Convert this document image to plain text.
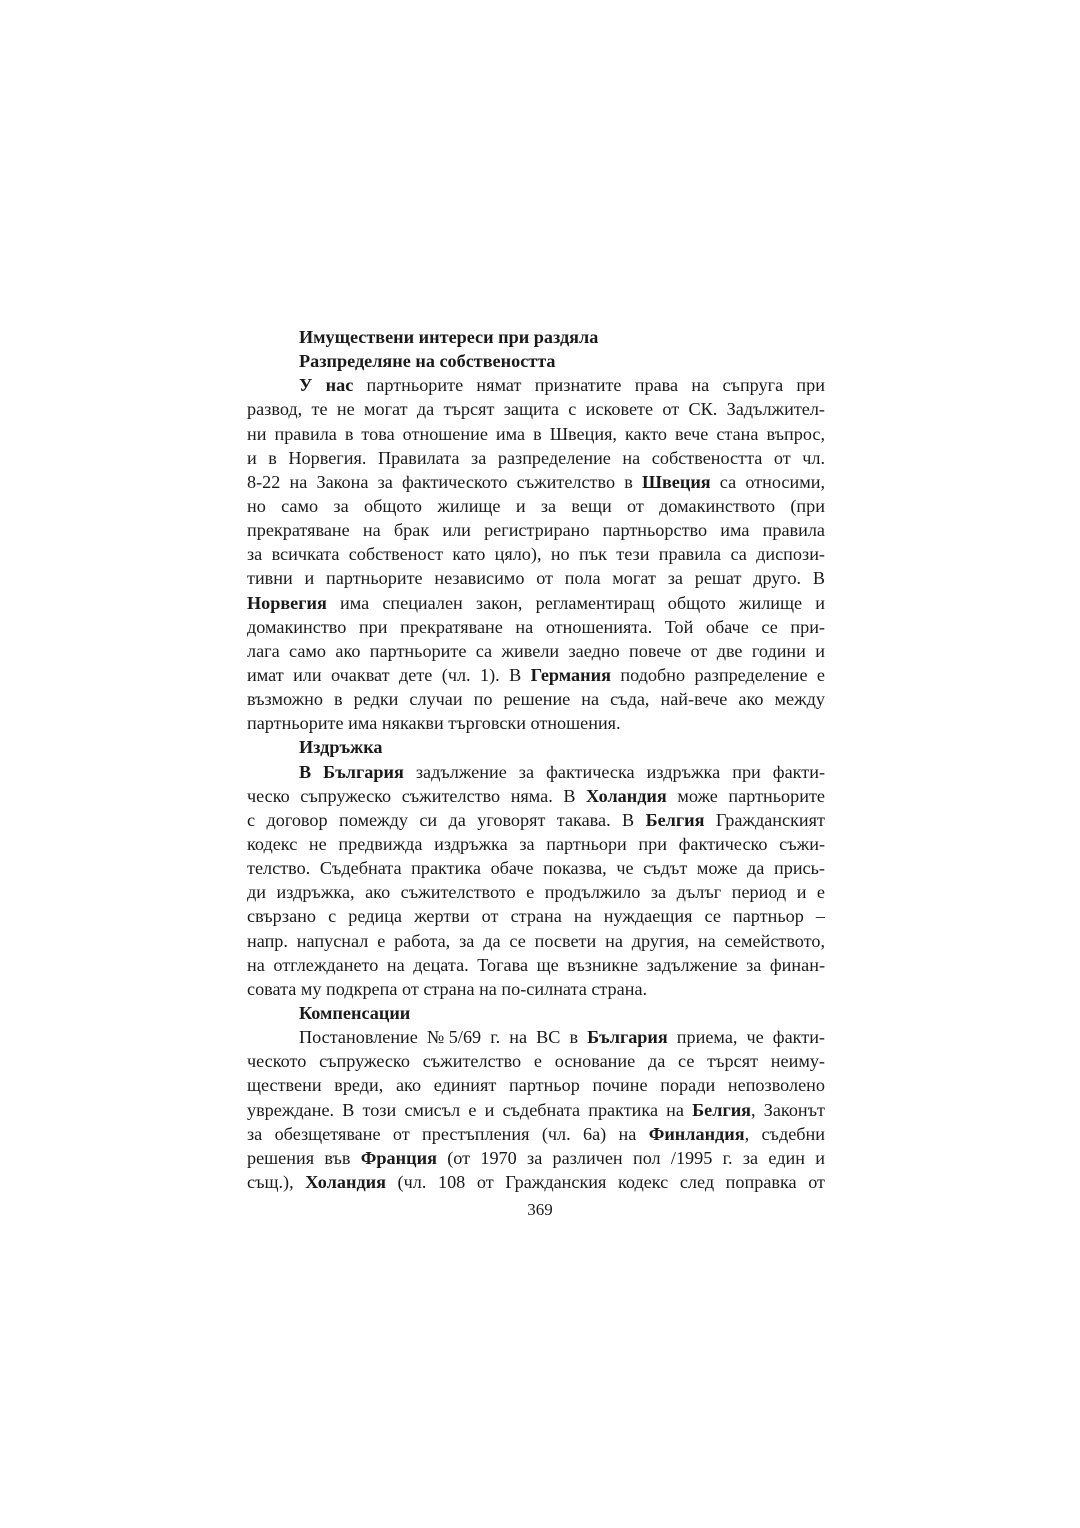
Имуществени интереси при раздяла
Разпределяне на собствеността
У нас партньорите нямат признатите права на съпруга при
развод, те не могат да търсят защита с исковете от СК. Задължител-
ни правила в това отношение има в Швеция, както вече стана въпрос,
и в Норвегия. Правилата за разпределение на собствеността от чл.
8-22 на Закона за фактическото съжителство в Швеция са относими,
но само за общото жилище и за вещи от домакинството (при
прекратяване на брак или регистрирано партньорство има правила
за всичката собственост като цяло), но пък тези правила са диспози-
тивни и партньорите независимо от пола могат за решат друго. В
Норвегия има специален закон, регламентиращ общото жилище и
домакинство при прекратяване на отношенията. Той обаче се при-
лага само ако партньорите са живели заедно повече от две години и
имат или очакват дете (чл. 1). В Германия подобно разпределение е
възможно в редки случаи по решение на съда, най-вече ако между
партньорите има някакви търговски отношения.
Издръжка
В България задължение за фактическа издръжка при факти-
ческо съпружеско съжителство няма. В Холандия може партньорите
с договор помежду си да уговорят такава. В Белгия Гражданският
кодекс не предвижда издръжка за партньори при фактическо съжи-
телство. Съдебната практика обаче показва, че съдът може да прись-
ди издръжка, ако съжителството е продължило за дълъг период и е
свързано с редица жертви от страна на нуждаещия се партньор –
напр. напуснал е работа, за да се посвети на другия, на семейството,
на отглеждането на децата. Тогава ще възникне задължение за финан-
совата му подкрепа от страна на по-силната страна.
Компенсации
Постановление №5/69 г. на ВС в България приема, че факти-
ческото съпружеско съжителство е основание да се търсят неиму-
ществени вреди, ако единият партньор почине поради непозволено
увреждане. В този смисъл е и съдебната практика на Белгия, Законът
за обезщетяване от престъпления (чл. 6а) на Финландия, съдебни
решения във Франция (от 1970 за различен пол /1995 г. за един и
същ.), Холандия (чл. 108 от Гражданския кодекс след поправка от
369
